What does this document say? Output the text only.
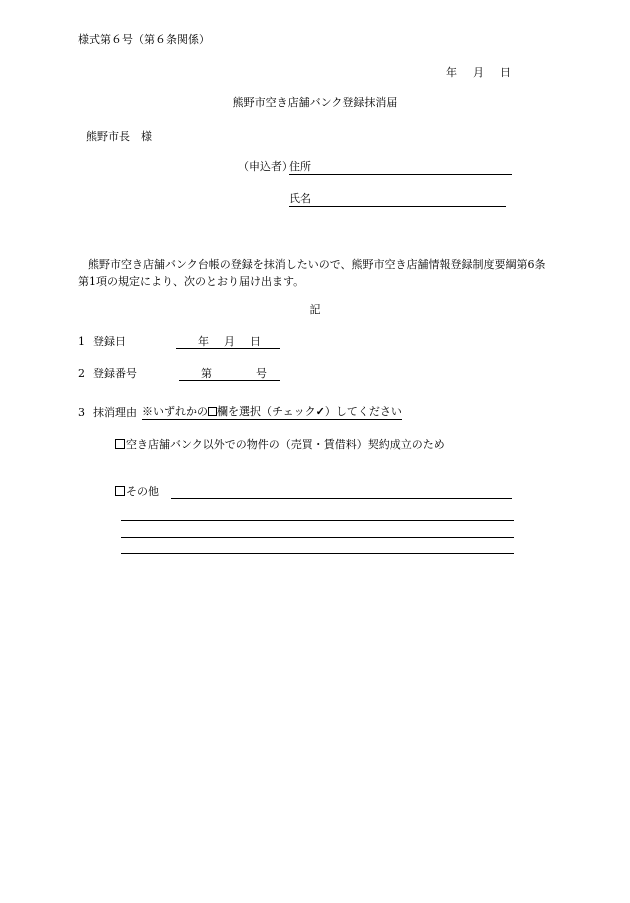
様式第６号（第６条関係）
年 月 日
熊野市空き店舗バンク登録抹消届
熊野市長　様
（申込者）
住所
氏名
熊野市空き店舗バンク台帳の登録を抹消したいので、熊野市空き店舗情報登録制度要綱第6条第1項の規定により、次のとおり届け出ます。
記
1 登録日	年 月 日
2 登録番号	第	号
3 抹消理由 ※いずれかの 欄を選択（チェック✓）してください
空き店舗バンク以外での物件の（売買・賃借料）契約成立のため
その他
